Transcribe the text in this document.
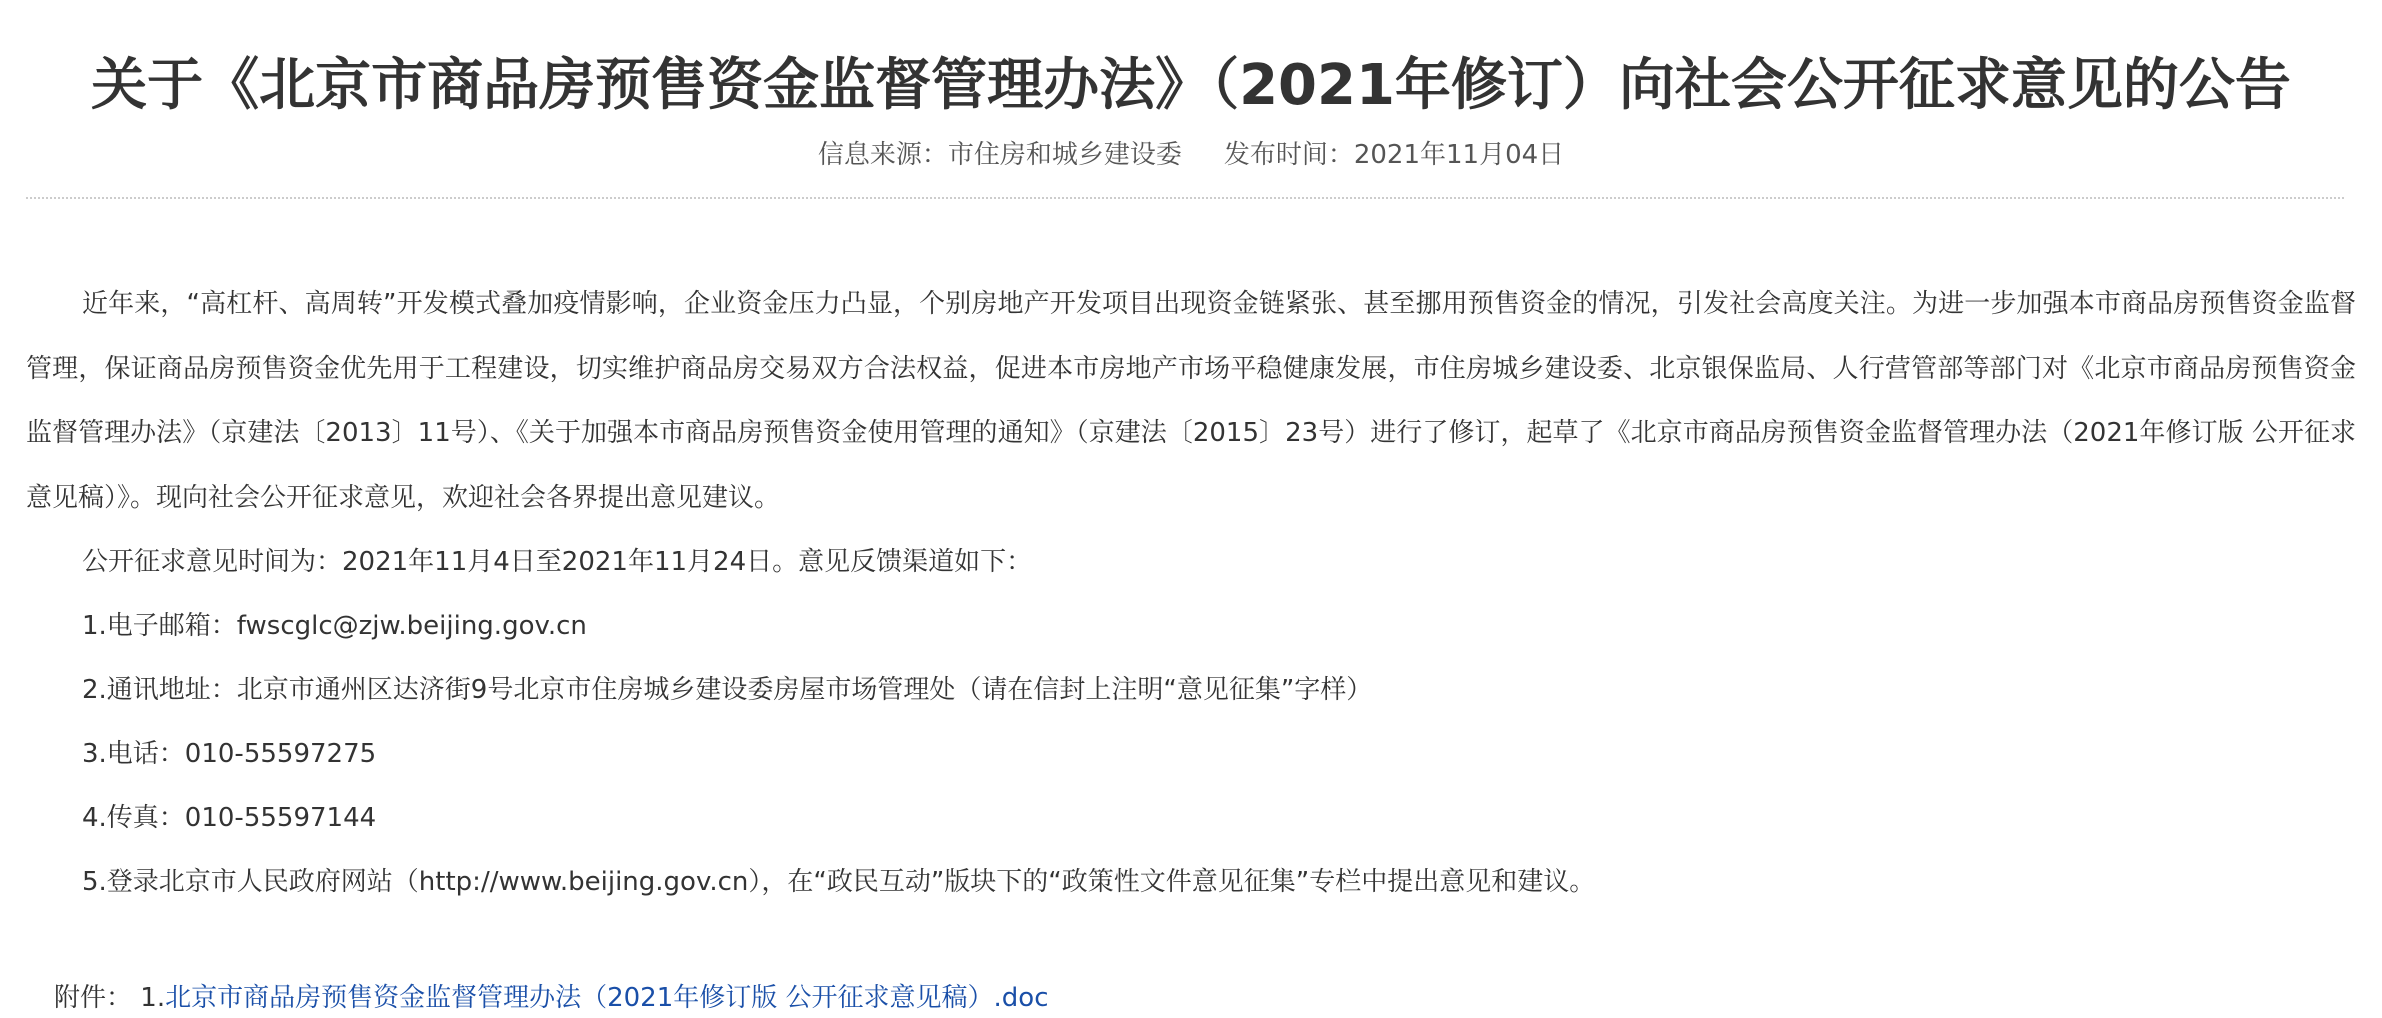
关于《北京市商品房预售资金监督管理办法》（2021年修订）向社会公开征求意见的公告
信息来源：市住房和城乡建设委 发布时间：2021年11月04日

近年来，“高杠杆、高周转”开发模式叠加疫情影响，企业资金压力凸显，个别房地产开发项目出现资金链紧张、甚至挪用预售资金的情况，引发社会高度关注。为进一步加强本市商品房预售资金监督管理，保证商品房预售资金优先用于工程建设，切实维护商品房交易双方合法权益，促进本市房地产市场平稳健康发展，市住房城乡建设委、北京银保监局、人行营管部等部门对《北京市商品房预售资金监督管理办法》（京建法〔2013〕11号）、《关于加强本市商品房预售资金使用管理的通知》（京建法〔2015〕23号）进行了修订，起草了《北京市商品房预售资金监督管理办法（2021年修订版 公开征求意见稿）》。现向社会公开征求意见，欢迎社会各界提出意见建议。

公开征求意见时间为：2021年11月4日至2021年11月24日。意见反馈渠道如下：

1.电子邮箱：fwscglc@zjw.beijing.gov.cn

2.通讯地址：北京市通州区达济街9号北京市住房城乡建设委房屋市场管理处（请在信封上注明“意见征集”字样）

3.电话：010-55597275

4.传真：010-55597144

5.登录北京市人民政府网站（http://www.beijing.gov.cn），在“政民互动”版块下的“政策性文件意见征集”专栏中提出意见和建议。

附件： 1.北京市商品房预售资金监督管理办法（2021年修订版 公开征求意见稿）.doc
